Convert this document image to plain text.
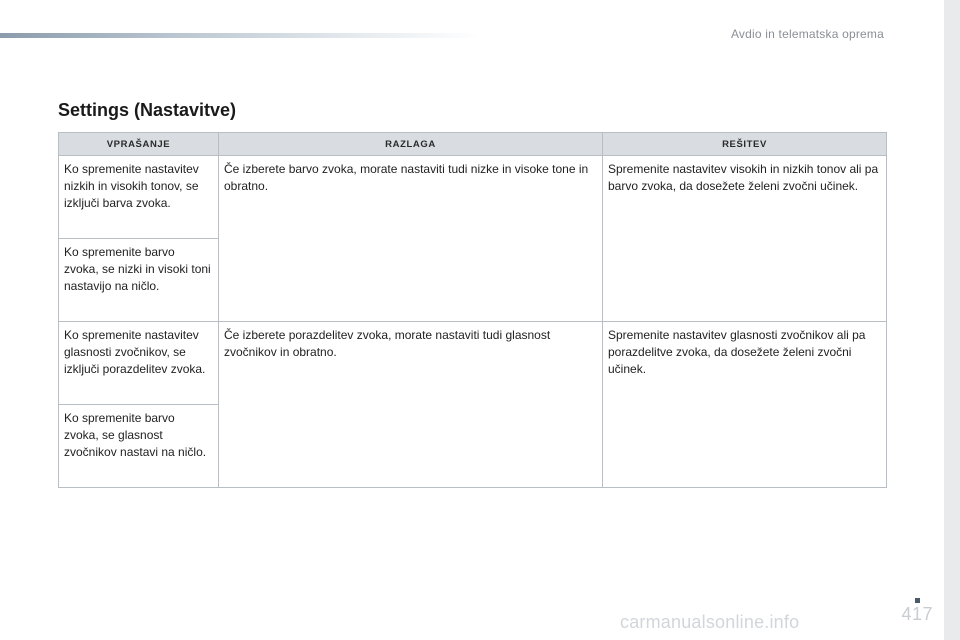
Avdio in telematska oprema
Settings (Nastavitve)
VPRAŠANJE	RAZLAGA	REŠITEV
Ko spremenite nastavitev nizkih in visokih tonov, se izključi barva zvoka.	Če izberete barvo zvoka, morate nastaviti tudi nizke in visoke tone in obratno.	Spremenite nastavitev visokih in nizkih tonov ali pa barvo zvoka, da dosežete želeni zvočni učinek.
Ko spremenite barvo zvoka, se nizki in visoki toni nastavijo na ničlo.		
Ko spremenite nastavitev glasnosti zvočnikov, se izključi porazdelitev zvoka.	Če izberete porazdelitev zvoka, morate nastaviti tudi glasnost zvočnikov in obratno.	Spremenite nastavitev glasnosti zvočnikov ali pa porazdelitve zvoka, da dosežete želeni zvočni učinek.
Ko spremenite barvo zvoka, se glasnost zvočnikov nastavi na ničlo.		
carmanualsonline.info	417
